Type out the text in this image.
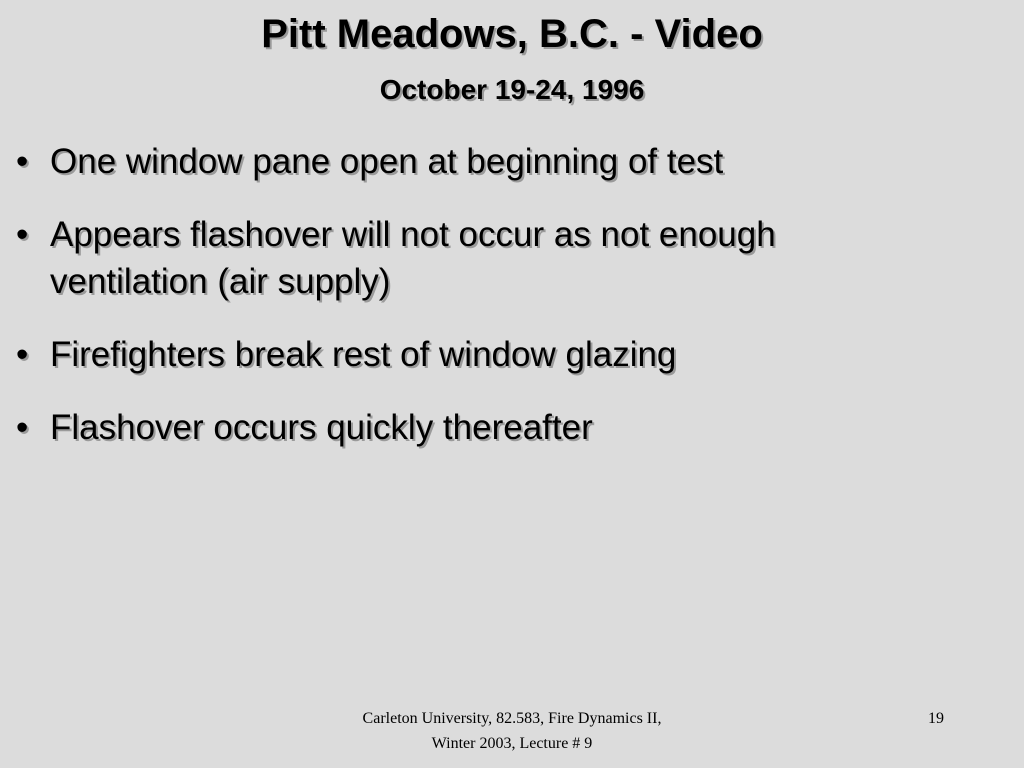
Pitt Meadows, B.C. - Video
October 19-24, 1996
• One window pane open at beginning of test
• Appears flashover will not occur as not enough ventilation (air supply)
• Firefighters break rest of window glazing
• Flashover occurs quickly thereafter

Carleton University, 82.583, Fire Dynamics II, Winter 2003, Lecture # 9

19
